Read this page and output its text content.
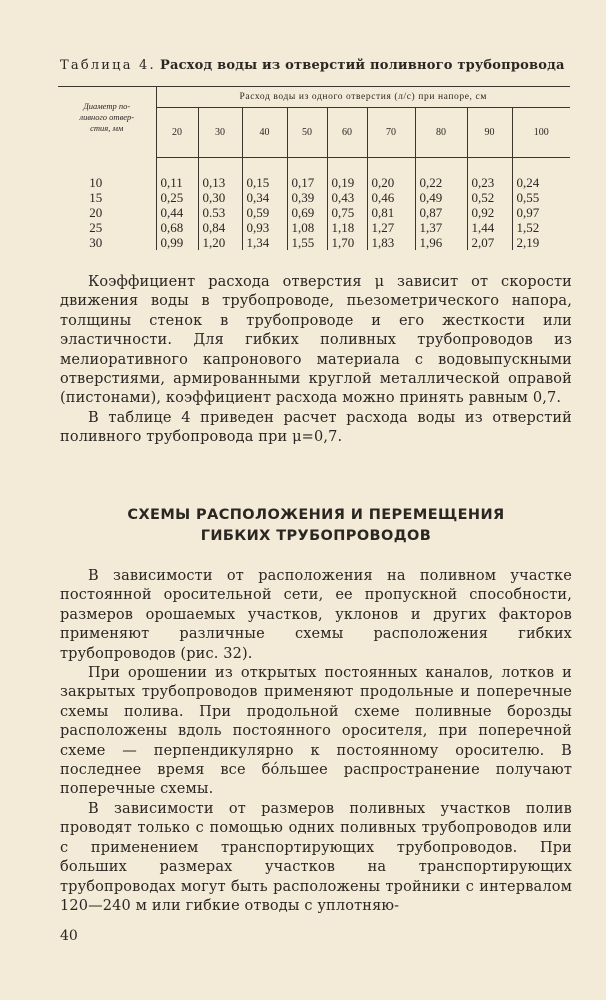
Таблица 4. Расход воды из отверстий поливного трубопровода
Диаметр по-
ливного отвер-
стия, мм	Расход воды из одного отверстия (л/с) при напоре, см								
	20	30	40	50	60	70	80	90	100

10	0,11	0,13	0,15	0,17	0,19	0,20	0,22	0,23	0,24
15	0,25	0,30	0,34	0,39	0,43	0,46	0,49	0,52	0,55
20	0,44	0.53	0,59	0,69	0,75	0,81	0,87	0,92	0,97
25	0,68	0,84	0,93	1,08	1,18	1,27	1,37	1,44	1,52
30	0,99	1,20	1,34	1,55	1,70	1,83	1,96	2,07	2,19

Коэффициент расхода отверстия μ зависит от скорости движения воды в трубопроводе, пьезометрического напора, толщины стенок в трубопроводе и его жесткости или эластичности. Для гибких поливных трубопроводов из мелиоративного капронового материала с водовыпускными отверстиями, армированными круглой металлической оправой (пистонами), коэффициент расхода можно принять равным 0,7.

В таблице 4 приведен расчет расхода воды из отверстий поливного трубопровода при μ=0,7.

СХЕМЫ РАСПОЛОЖЕНИЯ И ПЕРЕМЕЩЕНИЯ
ГИБКИХ ТРУБОПРОВОДОВ

В зависимости от расположения на поливном участке постоянной оросительной сети, ее пропускной способности, размеров орошаемых участков, уклонов и других факторов применяют различные схемы расположения гибких трубопроводов (рис. 32).

При орошении из открытых постоянных каналов, лотков и закрытых трубопроводов применяют продольные и поперечные схемы полива. При продольной схеме поливные борозды расположены вдоль постоянного оросителя, при поперечной схеме — перпендикулярно к постоянному оросителю. В последнее время все бóльшее распространение получают поперечные схемы.

В зависимости от размеров поливных участков полив проводят только с помощью одних поливных трубопроводов или с применением транспортирующих трубопроводов. При больших размерах участков на транспортирующих трубопроводах могут быть расположены тройники с интервалом 120—240 м или гибкие отводы с уплотняю-

40
